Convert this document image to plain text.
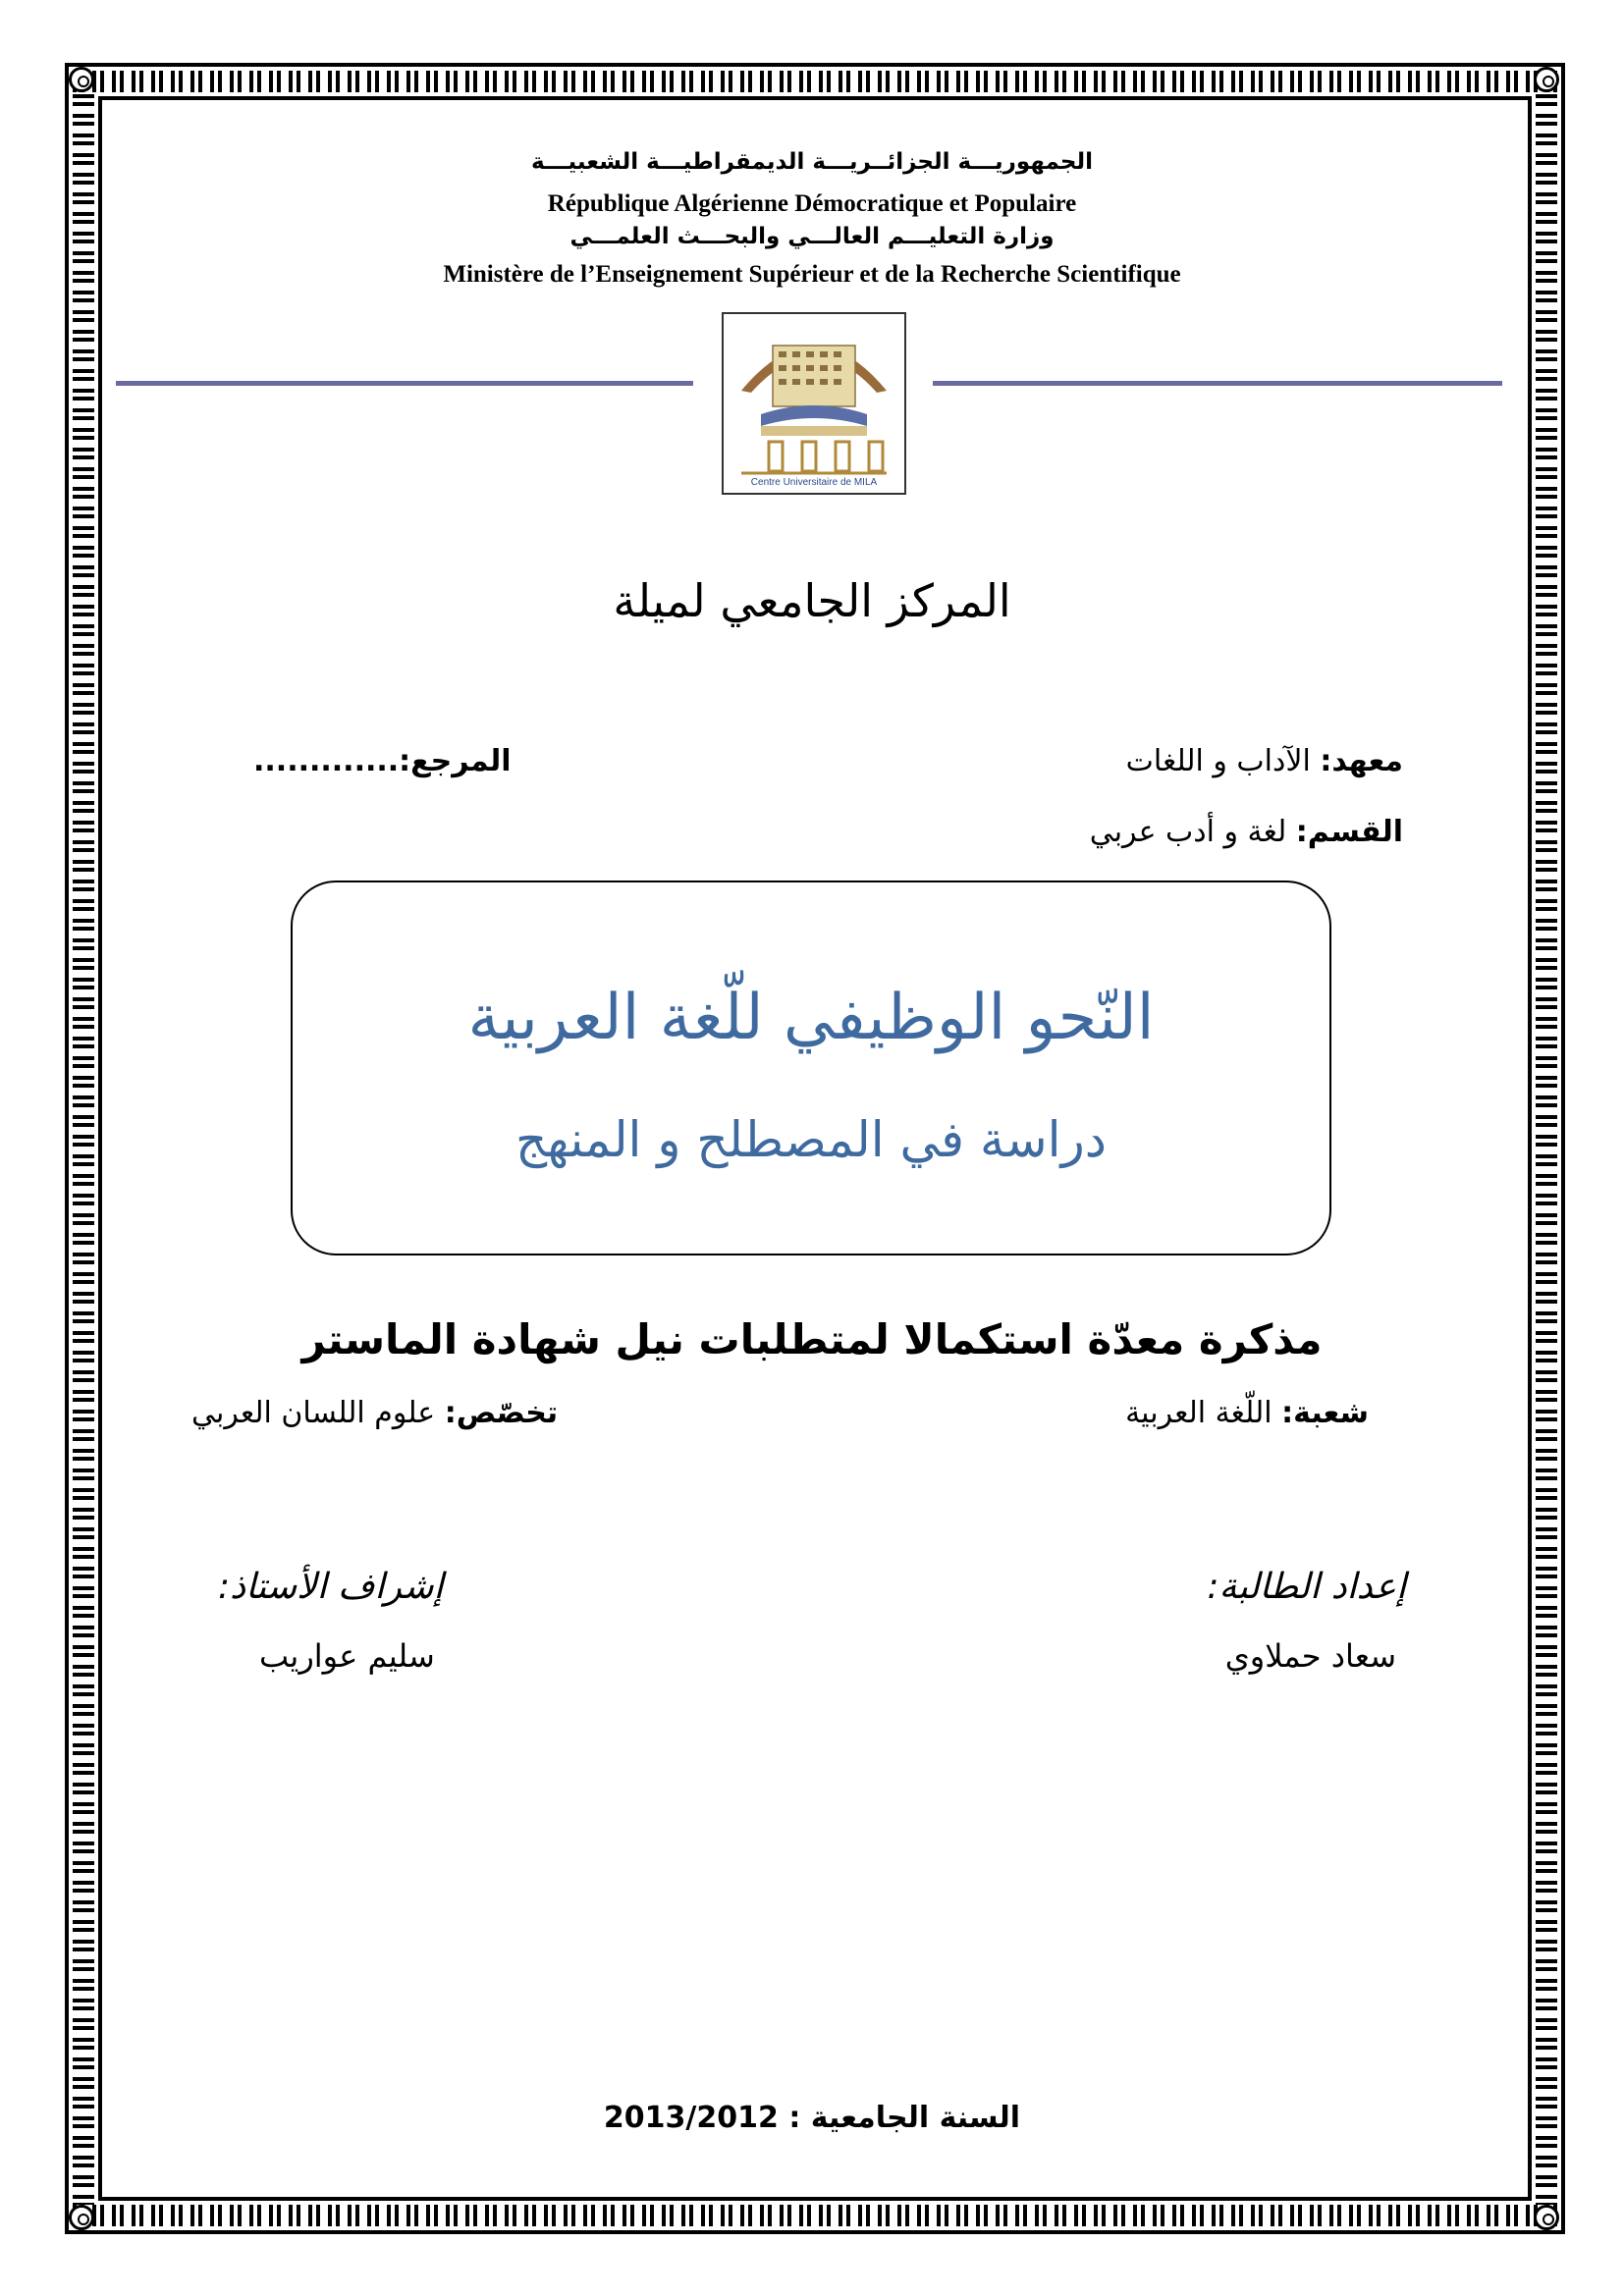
الجمهوريـــة الجزائــريـــة الديمقراطيـــة الشعبيـــة
République Algérienne Démocratique et Populaire
وزارة التعليـــم العالـــي والبحـــث العلمـــي
Ministère de l’Enseignement Supérieur et de la Recherche Scientifique
Centre Universitaire de MILA
المركز الجامعي لميلة
معهد: الآداب و اللغات
المرجع:.............
القسم: لغة و أدب عربي
النّحو الوظيفي للّغة العربية
دراسة في المصطلح و المنهج
مذكرة معدّة استكمالا لمتطلبات نيل شهادة الماستر
شعبة: اللّغة العربية
تخصّص: علوم اللسان العربي
إعداد الطالبة:
سعاد حملاوي
إشراف الأستاذ:
سليم عواريب
السنة الجامعية : 2013/2012
